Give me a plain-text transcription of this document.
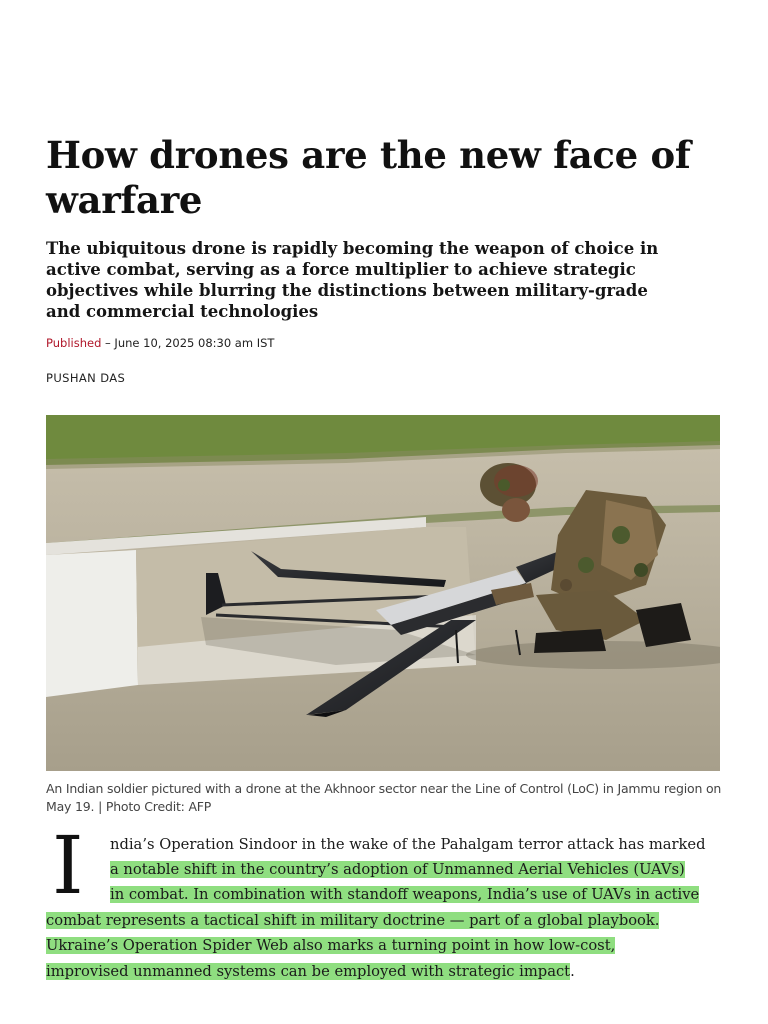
How drones are the new face of
warfare

The ubiquitous drone is rapidly becoming the weapon of choice in active combat, serving as a force multiplier to achieve strategic objectives while blurring the distinctions between military-grade and commercial technologies

Published – June 10, 2025 08:30 am IST
PUSHAN DAS

An Indian soldier pictured with a drone at the Akhnoor sector near the Line of Control (LoC) in Jammu region on May 19. | Photo Credit: AFP

I ndia’s Operation Sindoor in the wake of the Pahalgam terror attack has marked
a notable shift in the country’s adoption of Unmanned Aerial Vehicles (UAVs)
in combat. In combination with standoff weapons, India’s use of UAVs in active
combat represents a tactical shift in military doctrine — part of a global playbook.
Ukraine’s Operation Spider Web also marks a turning point in how low-cost,
improvised unmanned systems can be employed with strategic impact.
